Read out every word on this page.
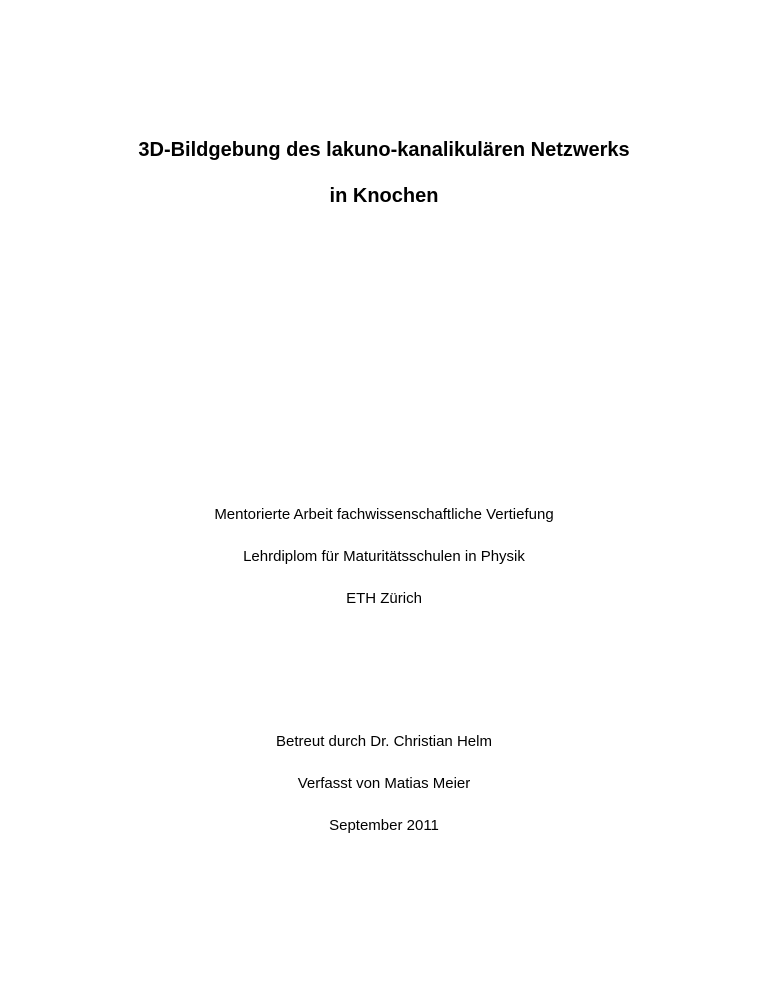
3D-Bildgebung des lakuno-kanalikulären Netzwerks
in Knochen
Mentorierte Arbeit fachwissenschaftliche Vertiefung
Lehrdiplom für Maturitätsschulen in Physik
ETH Zürich
Betreut durch Dr. Christian Helm
Verfasst von Matias Meier
September 2011
